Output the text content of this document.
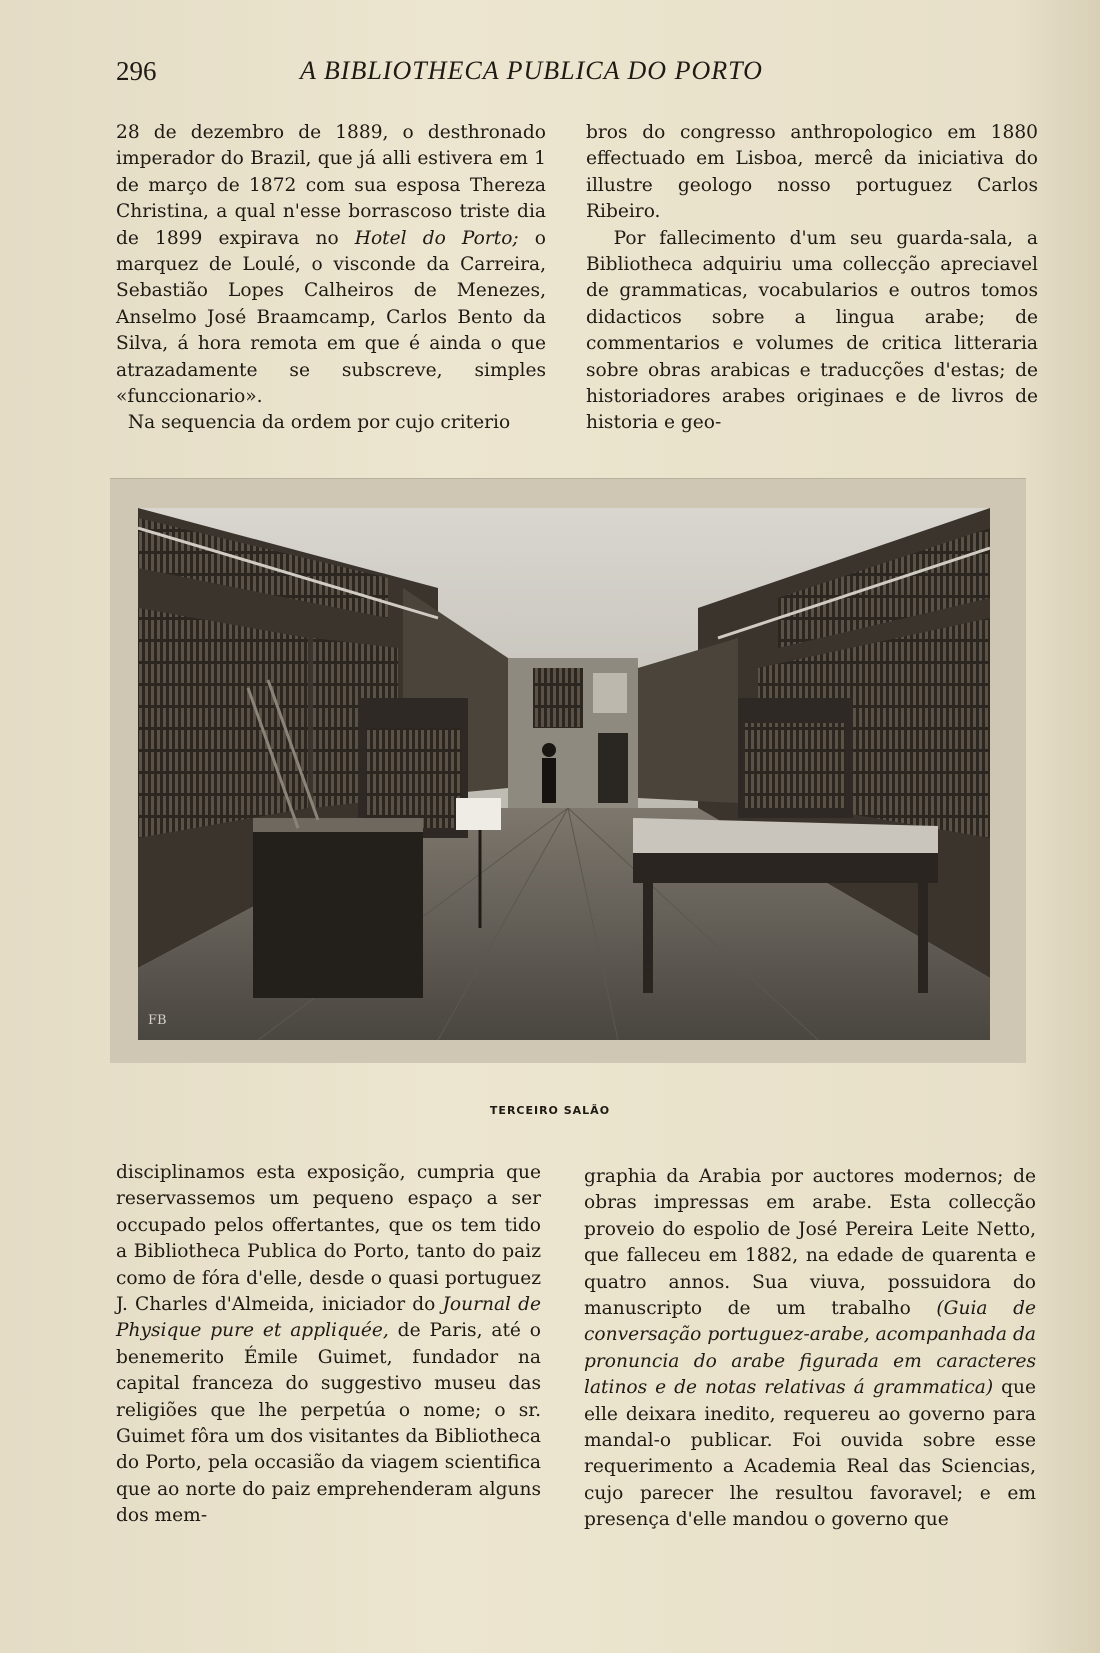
296	A BIBLIOTHECA PUBLICA DO PORTO

28 de dezembro de 1889, o desthronado imperador do Brazil, que já alli estivera em 1 de março de 1872 com sua esposa Thereza Christina, a qual n'esse borrascoso triste dia de 1899 expirava no Hotel do Porto; o marquez de Loulé, o visconde da Carreira, Sebastião Lopes Calheiros de Menezes, Anselmo José Braamcamp, Carlos Bento da Silva, á hora remota em que é ainda o que atrazadamente se subscreve, simples «funccionario».

Na sequencia da ordem por cujo criterio

bros do congresso anthropologico em 1880 effectuado em Lisboa, mercê da iniciativa do illustre geologo nosso portuguez Carlos Ribeiro.

Por fallecimento d'um seu guarda-sala, a Bibliotheca adquiriu uma collecção apreciavel de grammaticas, vocabularios e outros tomos didacticos sobre a lingua arabe; de commentarios e volumes de critica litteraria sobre obras arabicas e traducções d'estas; de historiadores arabes originaes e de livros de historia e geo-

FB
TERCEIRO SALÃO

disciplinamos esta exposição, cumpria que reservassemos um pequeno espaço a ser occupado pelos offertantes, que os tem tido a Bibliotheca Publica do Porto, tanto do paiz como de fóra d'elle, desde o quasi portuguez J. Charles d'Almeida, iniciador do Journal de Physique pure et appliquée, de Paris, até o benemerito Émile Guimet, fundador na capital franceza do suggestivo museu das religiões que lhe perpetúa o nome; o sr. Guimet fôra um dos visitantes da Bibliotheca do Porto, pela occasião da viagem scientifica que ao norte do paiz emprehenderam alguns dos mem-

graphia da Arabia por auctores modernos; de obras impressas em arabe. Esta collecção proveio do espolio de José Pereira Leite Netto, que falleceu em 1882, na edade de quarenta e quatro annos. Sua viuva, possuidora do manuscripto de um trabalho (Guia de conversação portuguez-arabe, acompanhada da pronuncia do arabe figurada em caracteres latinos e de notas relativas á grammatica) que elle deixara inedito, requereu ao governo para mandal-o publicar. Foi ouvida sobre esse requerimento a Academia Real das Sciencias, cujo parecer lhe resultou favoravel; e em presença d'elle mandou o governo que
